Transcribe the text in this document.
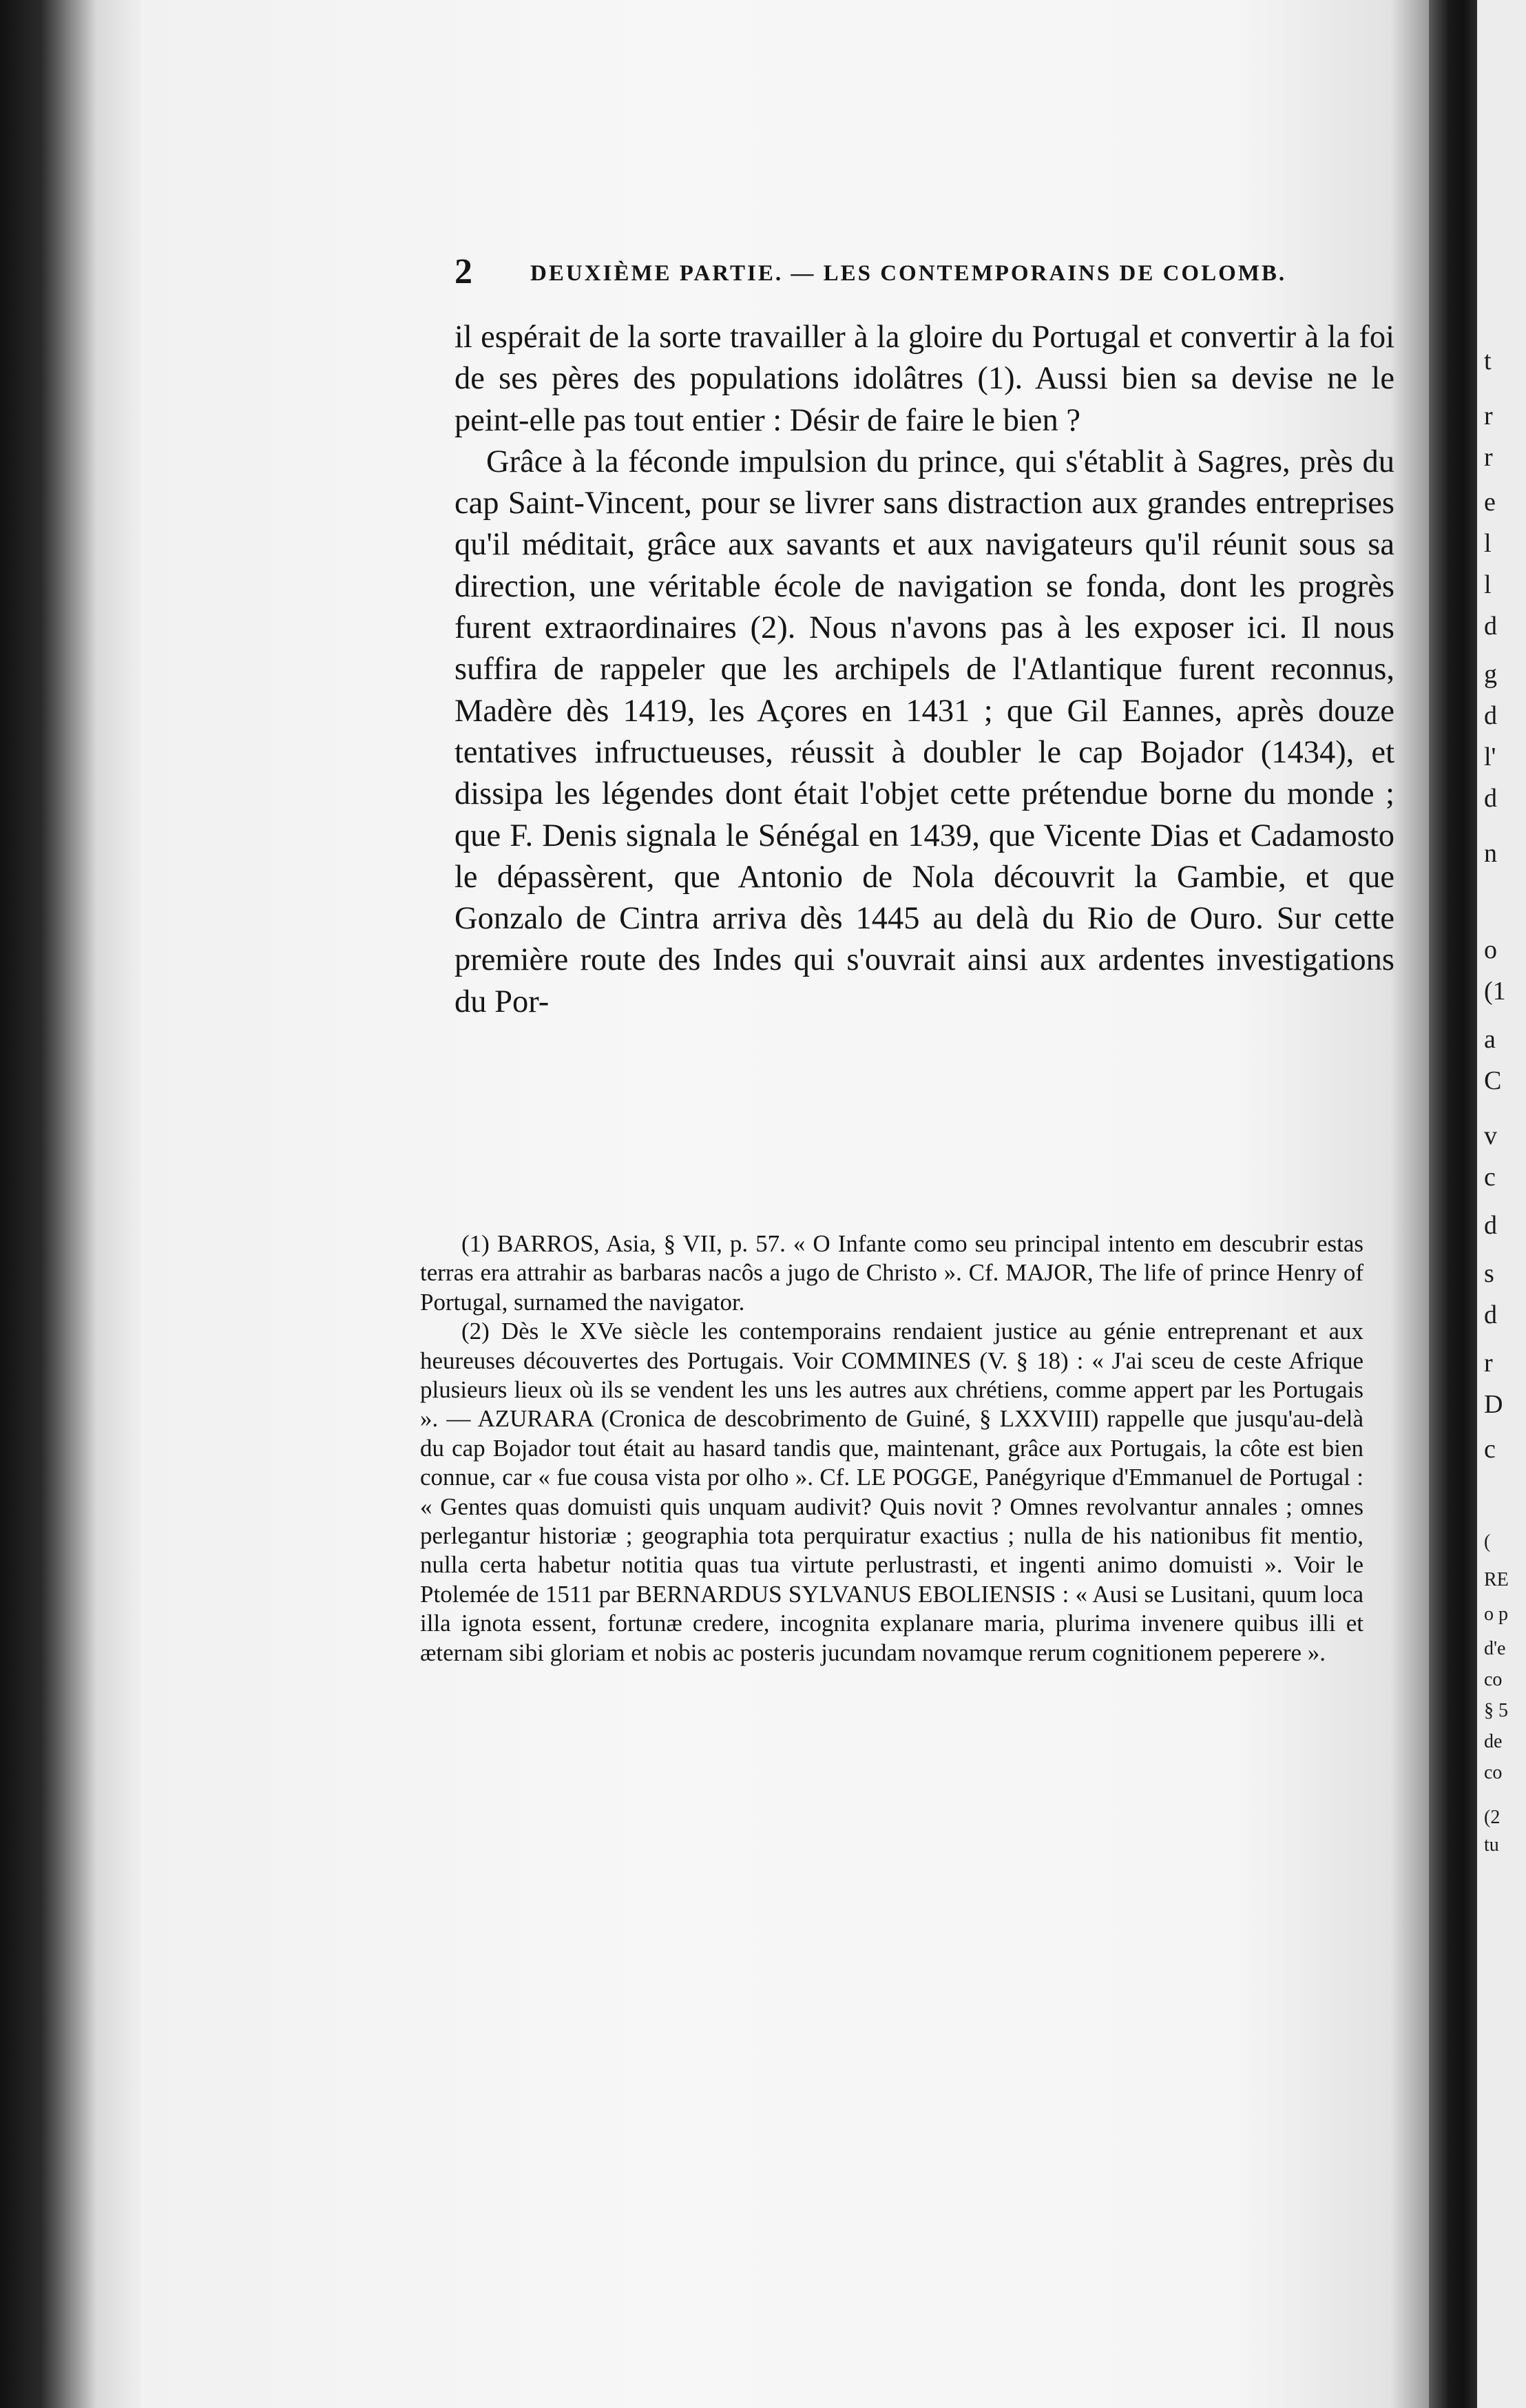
2	DEUXIÈME PARTIE. — LES CONTEMPORAINS DE COLOMB.

il espérait de la sorte travailler à la gloire du Portugal et convertir à la foi de ses pères des populations idolâtres (1). Aussi bien sa devise ne le peint-elle pas tout entier : Désir de faire le bien ?

Grâce à la féconde impulsion du prince, qui s'établit à Sagres, près du cap Saint-Vincent, pour se livrer sans distraction aux grandes entreprises qu'il méditait, grâce aux savants et aux navigateurs qu'il réunit sous sa direction, une véritable école de navigation se fonda, dont les progrès furent extraordinaires (2). Nous n'avons pas à les exposer ici. Il nous suffira de rappeler que les archipels de l'Atlantique furent reconnus, Madère dès 1419, les Açores en 1431 ; que Gil Eannes, après douze tentatives infructueuses, réussit à doubler le cap Bojador (1434), et dissipa les légendes dont était l'objet cette prétendue borne du monde ; que F. Denis signala le Sénégal en 1439, que Vicente Dias et Cadamosto le dépassèrent, que Antonio de Nola découvrit la Gambie, et que Gonzalo de Cintra arriva dès 1445 au delà du Rio de Ouro. Sur cette première route des Indes qui s'ouvrait ainsi aux ardentes investigations du Por-

(1) BARROS, Asia, § VII, p. 57. « O Infante como seu principal intento em descubrir estas terras era attrahir as barbaras nacôs a jugo de Christo ». Cf. MAJOR, The life of prince Henry of Portugal, surnamed the navigator.

(2) Dès le XVe siècle les contemporains rendaient justice au génie entreprenant et aux heureuses découvertes des Portugais. Voir COMMINES (V. § 18) : « J'ai sceu de ceste Afrique plusieurs lieux où ils se vendent les uns les autres aux chrétiens, comme appert par les Portugais ». — AZURARA (Cronica de descobrimento de Guiné, § LXXVIII) rappelle que jusqu'au-delà du cap Bojador tout était au hasard tandis que, maintenant, grâce aux Portugais, la côte est bien connue, car « fue cousa vista por olho ». Cf. LE POGGE, Panégyrique d'Emmanuel de Portugal : « Gentes quas domuisti quis unquam audivit? Quis novit ? Omnes revolvantur annales ; omnes perlegantur historiæ ; geographia tota perquiratur exactius ; nulla de his nationibus fit mentio, nulla certa habetur notitia quas tua virtute perlustrasti, et ingenti animo domuisti ». Voir le Ptolemée de 1511 par BERNARDUS SYLVANUS EBOLIENSIS : « Ausi se Lusitani, quum loca illa ignota essent, fortunæ credere, incognita explanare maria, plurima invenere quibus illi et æternam sibi gloriam et nobis ac posteris jucundam novamque rerum cognitionem peperere ».

t
r
r
e
l
l
d
g
d
l'
d
n
o
(1
a
C
v
c
d
s
d
r
D
c
(
RE
o p
d'e
co
§ 5
de
co
(2
tu
